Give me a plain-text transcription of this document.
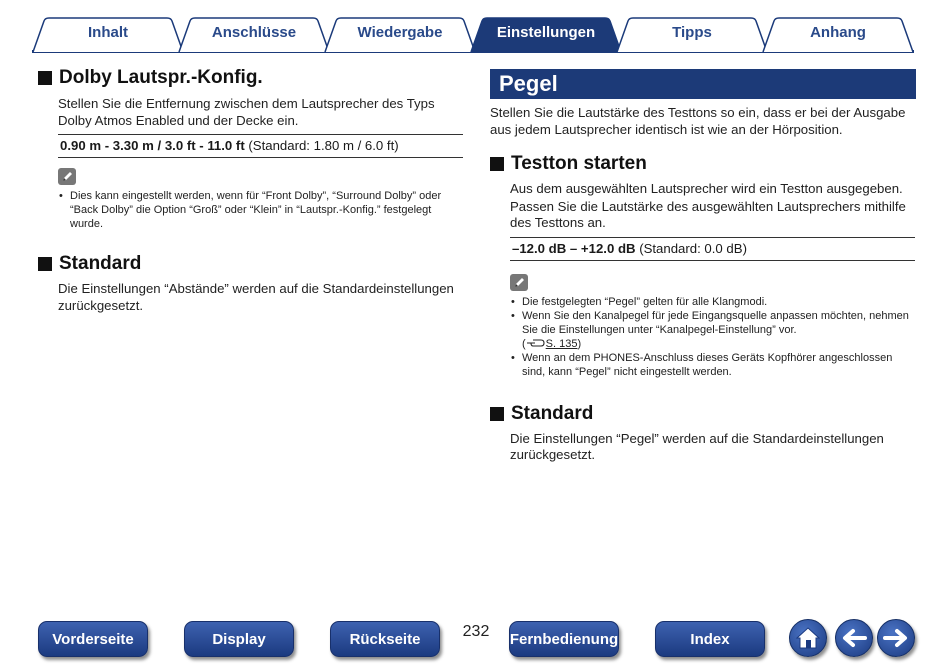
Inhalt	Anschlüsse	Wiedergabe	Einstellungen	Tipps	Anhang
Dolby Lautspr.-Konfig.

Stellen Sie die Entfernung zwischen dem Lautsprecher des Typs Dolby Atmos Enabled und der Decke ein.

0.90 m - 3.30 m / 3.0 ft - 11.0 ft (Standard: 1.80 m / 6.0 ft)
• Dies kann eingestellt werden, wenn für “Front Dolby”, “Surround Dolby” oder “Back Dolby” die Option “Groß” oder “Klein” in “Lautspr.-Konfig.” festgelegt wurde.
Standard

Die Einstellungen “Abstände” werden auf die Standardeinstellungen zurückgesetzt.

Pegel

Stellen Sie die Lautstärke des Testtons so ein, dass er bei der Ausgabe aus jedem Lautsprecher identisch ist wie an der Hörposition.

Testton starten

Aus dem ausgewählten Lautsprecher wird ein Testton ausgegeben.

Passen Sie die Lautstärke des ausgewählten Lautsprechers mithilfe des Testtons an.

–12.0 dB – +12.0 dB (Standard: 0.0 dB)
• Die festgelegten “Pegel” gelten für alle Klangmodi.
• Wenn Sie den Kanalpegel für jede Eingangsquelle anpassen möchten, nehmen Sie die Einstellungen unter “Kanalpegel-Einstellung” vor.
( S. 135)
• Wenn an dem PHONES-Anschluss dieses Geräts Kopfhörer angeschlossen sind, kann “Pegel” nicht eingestellt werden.
Standard

Die Einstellungen “Pegel” werden auf die Standardeinstellungen zurückgesetzt.

Vorderseite	Display	Rückseite	232	Fernbedienung	Index
